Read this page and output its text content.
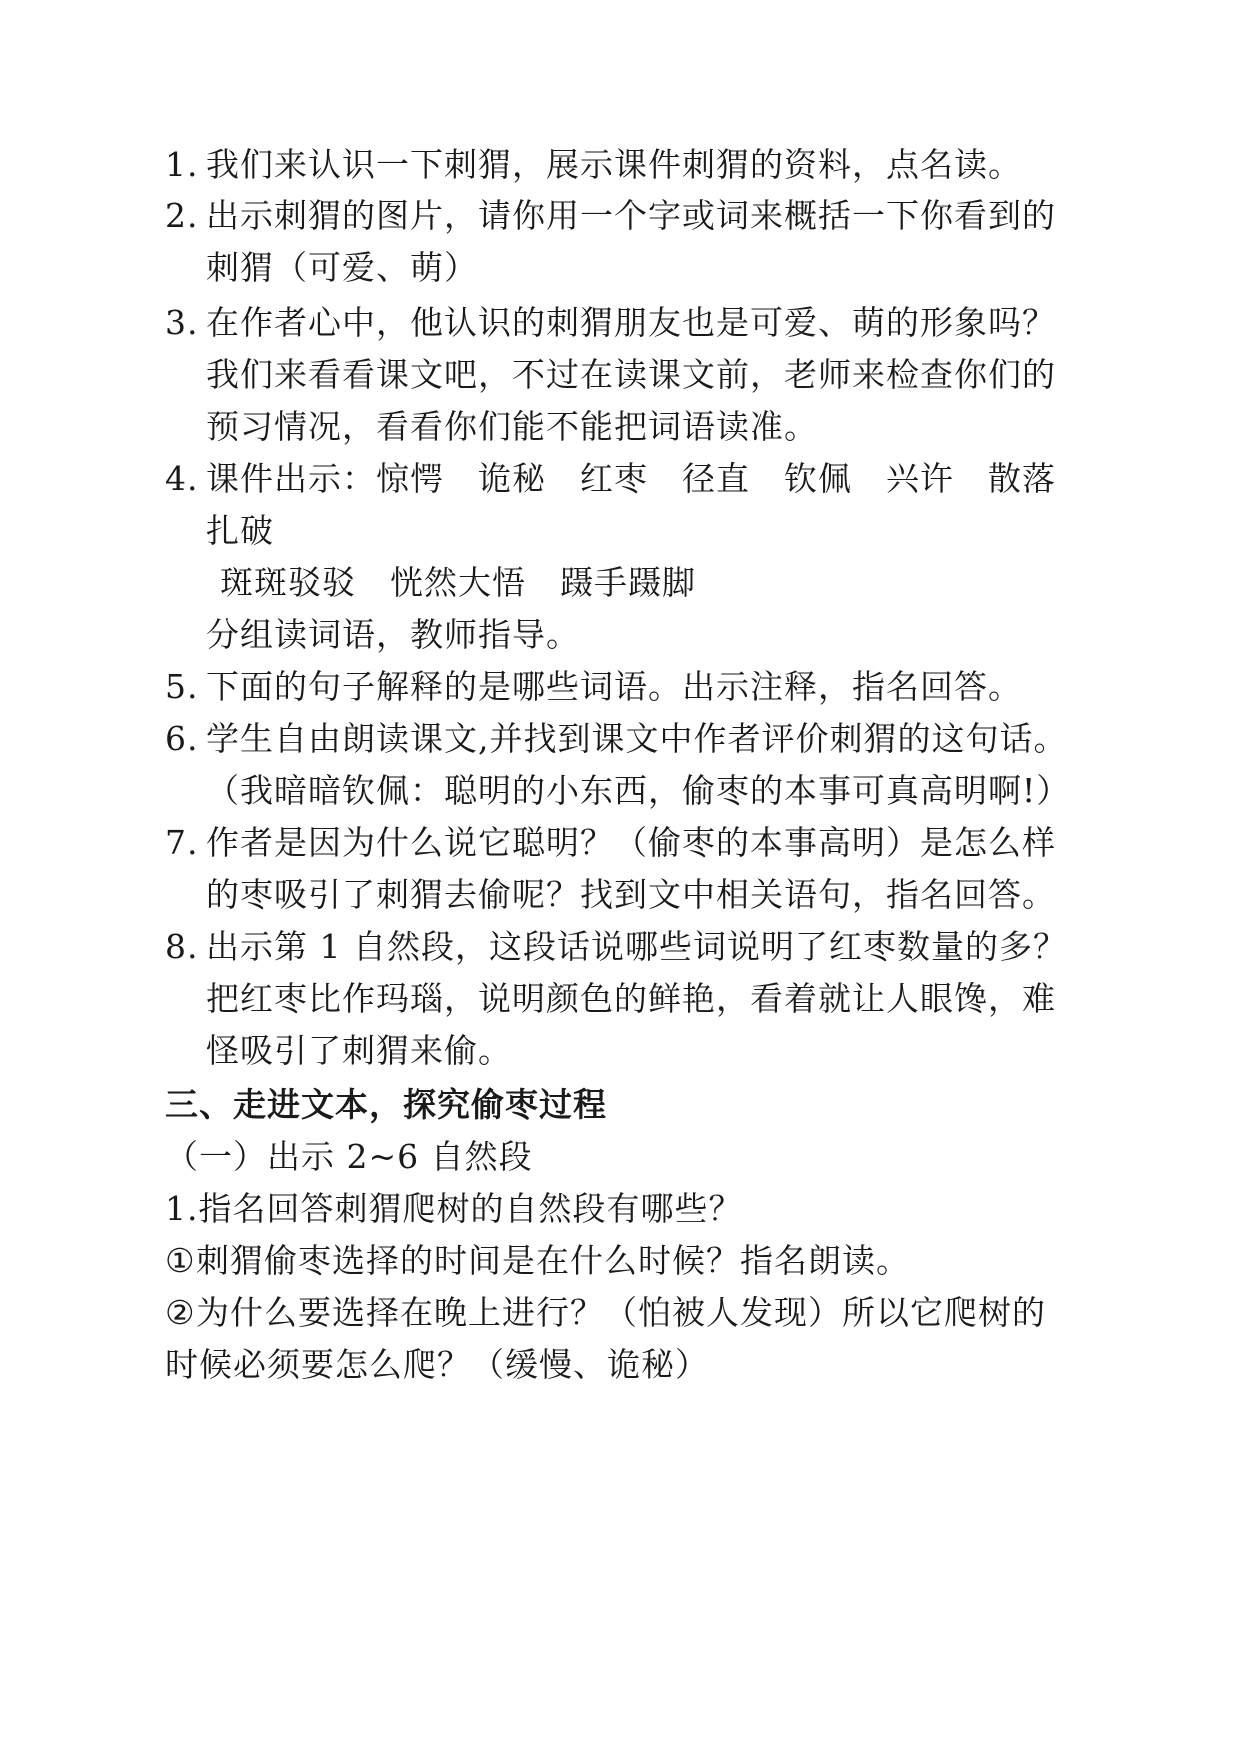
1. 我们来认识一下刺猬，展示课件刺猬的资料，点名读。
2. 出示刺猬的图片，请你用一个字或词来概括一下你看到的
刺猬（可爱、萌）
3. 在作者心中，他认识的刺猬朋友也是可爱、萌的形象吗？
我们来看看课文吧，不过在读课文前，老师来检查你们的
预习情况，看看你们能不能把词语读准。
4. 课件出示：惊愕　诡秘　红枣　径直　钦佩　兴许　散落
扎破
斑斑驳驳　恍然大悟　蹑手蹑脚
分组读词语，教师指导。
5. 下面的句子解释的是哪些词语。出示注释，指名回答。
6. 学生自由朗读课文,并找到课文中作者评价刺猬的这句话。
（我暗暗钦佩：聪明的小东西，偷枣的本事可真高明啊!）
7. 作者是因为什么说它聪明？（偷枣的本事高明）是怎么样
的枣吸引了刺猬去偷呢？找到文中相关语句，指名回答。
8. 出示第 1 自然段，这段话说哪些词说明了红枣数量的多？
把红枣比作玛瑙，说明颜色的鲜艳，看着就让人眼馋，难
怪吸引了刺猬来偷。
三、走进文本，探究偷枣过程
（一）出示 2~6 自然段
1.指名回答刺猬爬树的自然段有哪些？
①刺猬偷枣选择的时间是在什么时候？指名朗读。
②为什么要选择在晚上进行？（怕被人发现）所以它爬树的
时候必须要怎么爬？（缓慢、诡秘）
